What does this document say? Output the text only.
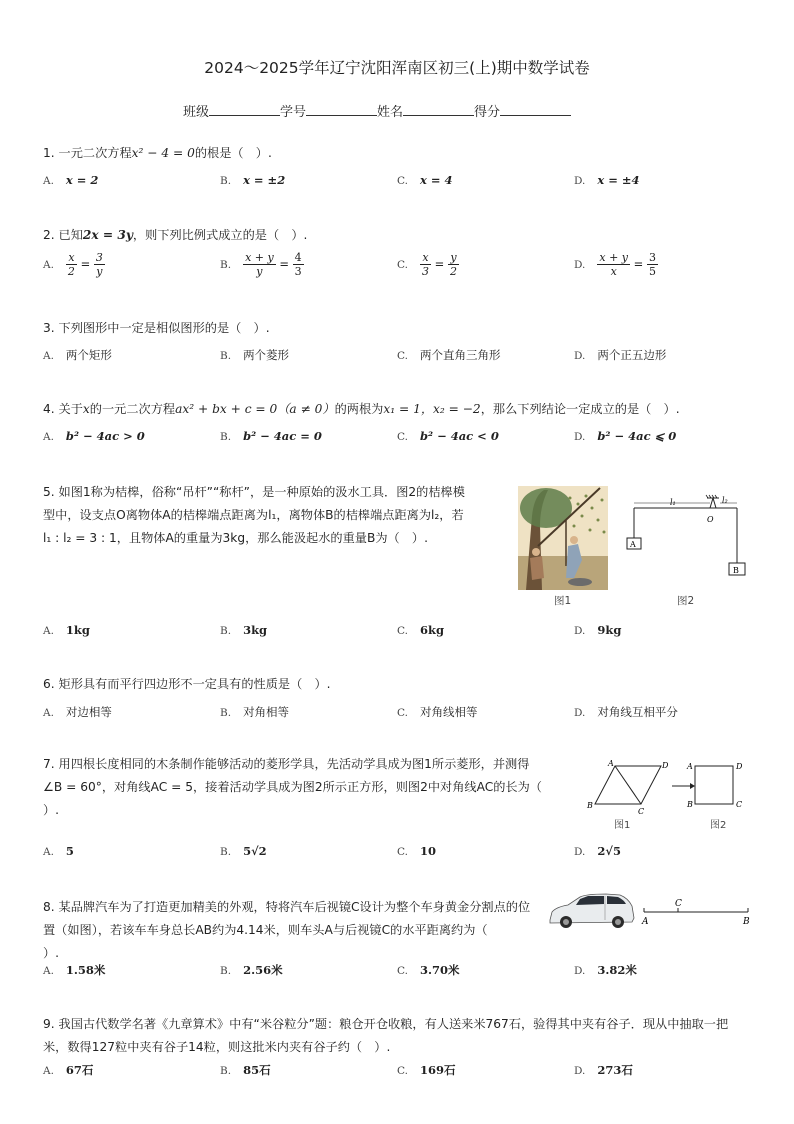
2024～2025学年辽宁沈阳浑南区初三(上)期中数学试卷
班级	学号	姓名	得分
1. 一元二次方程x² − 4 = 0的根是（　）.
A. x = 2	B. x = ±2	C. x = 4	D. x = ±4
2. 已知2x = 3y，则下列比例式成立的是（　）.
A. $\frac{x}{2} = \frac{3}{y}$	B. $\frac{x + y}{y} = \frac{4}{3}$	C. $\frac{x}{3} = \frac{y}{2}$	D. $\frac{x + y}{x} = \frac{3}{5}$
3. 下列图形中一定是相似图形的是（　）.
A. 两个矩形	B. 两个菱形	C. 两个直角三角形	D. 两个正五边形
4. 关于x的一元二次方程ax² + bx + c = 0（a ≠ 0）的两根为x₁ = 1，x₂ = −2，那么下列结论一定成立的是（　）.
A. b² − 4ac > 0	B. b² − 4ac = 0	C. b² − 4ac < 0	D. b² − 4ac ⩽ 0
5. 如图1称为桔槔，俗称“吊杆”“称杆”，是一种原始的汲水工具．图2的桔槔模
型中，设支点O离物体A的桔槔端点距离为l₁，离物体B的桔槔端点距离为l₂，若
l₁ : l₂ = 3 : 1，且物体A的重量为3kg，那么能汲起水的重量B为（　）.
图1
l₁	l₂
O
A
B
图2
A. 1kg	B. 3kg	C. 6kg	D. 9kg
6. 矩形具有而平行四边形不一定具有的性质是（　）.
A. 对边相等	B. 对角相等	C. 对角线相等	D. 对角线互相平分
7. 用四根长度相同的木条制作能够活动的菱形学具，先活动学具成为图1所示菱形，并测得
∠B = 60°，对角线AC = 5，接着活动学具成为图2所示正方形，则图2中对角线AC的长为（
）.
A	D
B
C
A	D
B	C
图1	图2
A. 5	B. 5√2	C. 10	D. 2√5
8. 某品牌汽车为了打造更加精美的外观，特将汽车后视镜C设计为整个车身黄金分割点的位
置（如图），若该车车身总长AB约为4.14米，则车头A与后视镜C的水平距离约为（
）.
A
C
B
A. 1.58米	B. 2.56米	C. 3.70米	D. 3.82米
9. 我国古代数学名著《九章算术》中有“米谷粒分”题：粮仓开仓收粮，有人送来米767石，验得其中夹有谷子．现从中抽取一把
米，数得127粒中夹有谷子14粒，则这批米内夹有谷子约（　）.
A. 67石	B. 85石	C. 169石	D. 273石
